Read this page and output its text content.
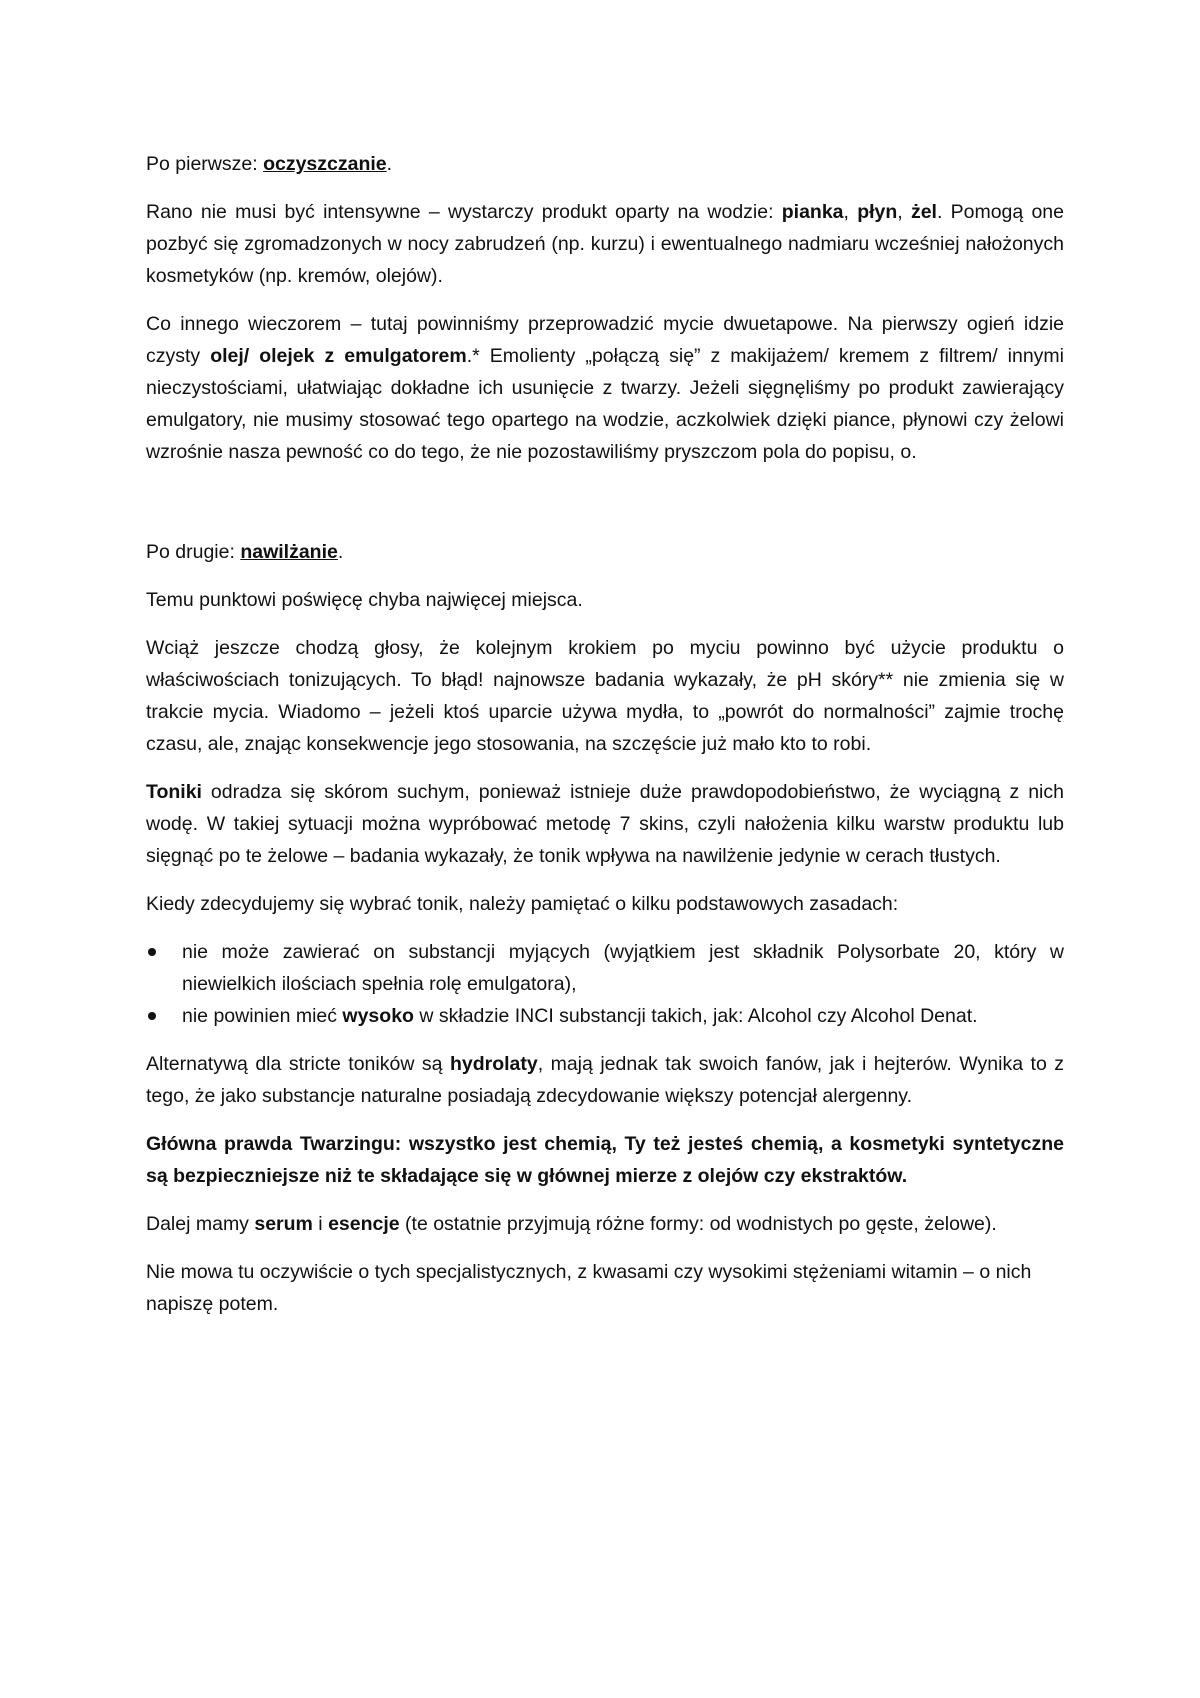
Po pierwsze: oczyszczanie.

Rano nie musi być intensywne – wystarczy produkt oparty na wodzie: pianka, płyn, żel. Pomogą one pozbyć się zgromadzonych w nocy zabrudzeń (np. kurzu) i ewentualnego nadmiaru wcześniej nałożonych kosmetyków (np. kremów, olejów).

Co innego wieczorem – tutaj powinniśmy przeprowadzić mycie dwuetapowe. Na pierwszy ogień idzie czysty olej/ olejek z emulgatorem.* Emolienty „połączą się” z makijażem/ kremem z filtrem/ innymi nieczystościami, ułatwiając dokładne ich usunięcie z twarzy. Jeżeli sięgnęliśmy po produkt zawierający emulgatory, nie musimy stosować tego opartego na wodzie, aczkolwiek dzięki piance, płynowi czy żelowi wzrośnie nasza pewność co do tego, że nie pozostawiliśmy pryszczom pola do popisu, o.

Po drugie: nawilżanie.

Temu punktowi poświęcę chyba najwięcej miejsca.

Wciąż jeszcze chodzą głosy, że kolejnym krokiem po myciu powinno być użycie produktu o właściwościach tonizujących. To błąd! najnowsze badania wykazały, że pH skóry** nie zmienia się w trakcie mycia. Wiadomo – jeżeli ktoś uparcie używa mydła, to „powrót do normalności” zajmie trochę czasu, ale, znając konsekwencje jego stosowania, na szczęście już mało kto to robi.

Toniki odradza się skórom suchym, ponieważ istnieje duże prawdopodobieństwo, że wyciągną z nich wodę. W takiej sytuacji można wypróbować metodę 7 skins, czyli nałożenia kilku warstw produktu lub sięgnąć po te żelowe – badania wykazały, że tonik wpływa na nawilżenie jedynie w cerach tłustych.

Kiedy zdecydujemy się wybrać tonik, należy pamiętać o kilku podstawowych zasadach:

nie może zawierać on substancji myjących (wyjątkiem jest składnik Polysorbate 20, który w niewielkich ilościach spełnia rolę emulgatora),
nie powinien mieć wysoko w składzie INCI substancji takich, jak: Alcohol czy Alcohol Denat.

Alternatywą dla stricte toników są hydrolaty, mają jednak tak swoich fanów, jak i hejterów. Wynika to z tego, że jako substancje naturalne posiadają zdecydowanie większy potencjał alergenny.

Główna prawda Twarzingu: wszystko jest chemią, Ty też jesteś chemią, a kosmetyki syntetyczne są bezpieczniejsze niż te składające się w głównej mierze z olejów czy ekstraktów.

Dalej mamy serum i esencje (te ostatnie przyjmują różne formy: od wodnistych po gęste, żelowe).

Nie mowa tu oczywiście o tych specjalistycznych, z kwasami czy wysokimi stężeniami witamin – o nich napiszę potem.
